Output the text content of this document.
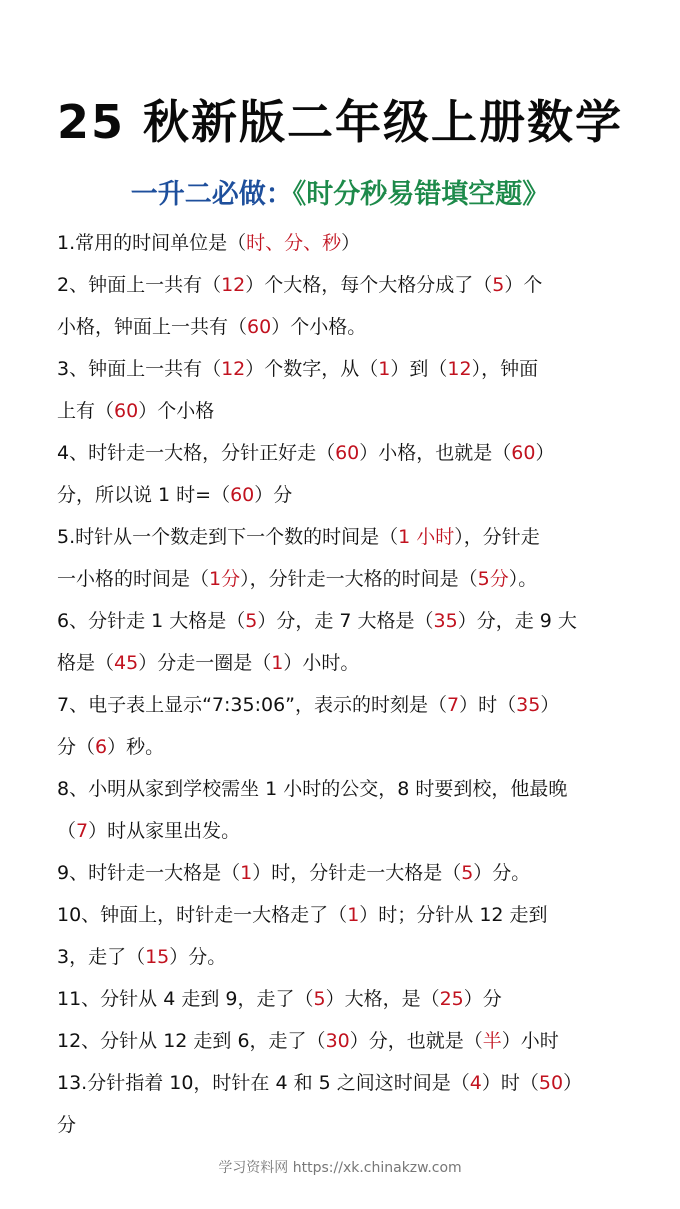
25 秋新版二年级上册数学
一升二必做：《时分秒易错填空题》
1.常用的时间单位是（时、分、秒）
2、钟面上一共有（12）个大格，每个大格分成了（5）个
小格，钟面上一共有（60）个小格。
3、钟面上一共有（12）个数字，从（1）到（12），钟面
上有（60）个小格
4、时针走一大格，分针正好走（60）小格，也就是（60）
分，所以说 1 时=（60）分
5.时针从一个数走到下一个数的时间是（1 小时），分针走
一小格的时间是（1分），分针走一大格的时间是（5分）。
6、分针走 1 大格是（5）分，走 7 大格是（35）分，走 9 大
格是（45）分走一圈是（1）小时。
7、电子表上显示“7:35:06”，表示的时刻是（7）时（35）
分（6）秒。
8、小明从家到学校需坐 1 小时的公交，8 时要到校，他最晚
（7）时从家里出发。
9、时针走一大格是（1）时，分针走一大格是（5）分。
10、钟面上，时针走一大格走了（1）时；分针从 12 走到
3，走了（15）分。
11、分针从 4 走到 9，走了（5）大格，是（25）分
12、分针从 12 走到 6，走了（30）分，也就是（半）小时
13.分针指着 10，时针在 4 和 5 之间这时间是（4）时（50）
分
学习资料网 https://xk.chinakzw.com
